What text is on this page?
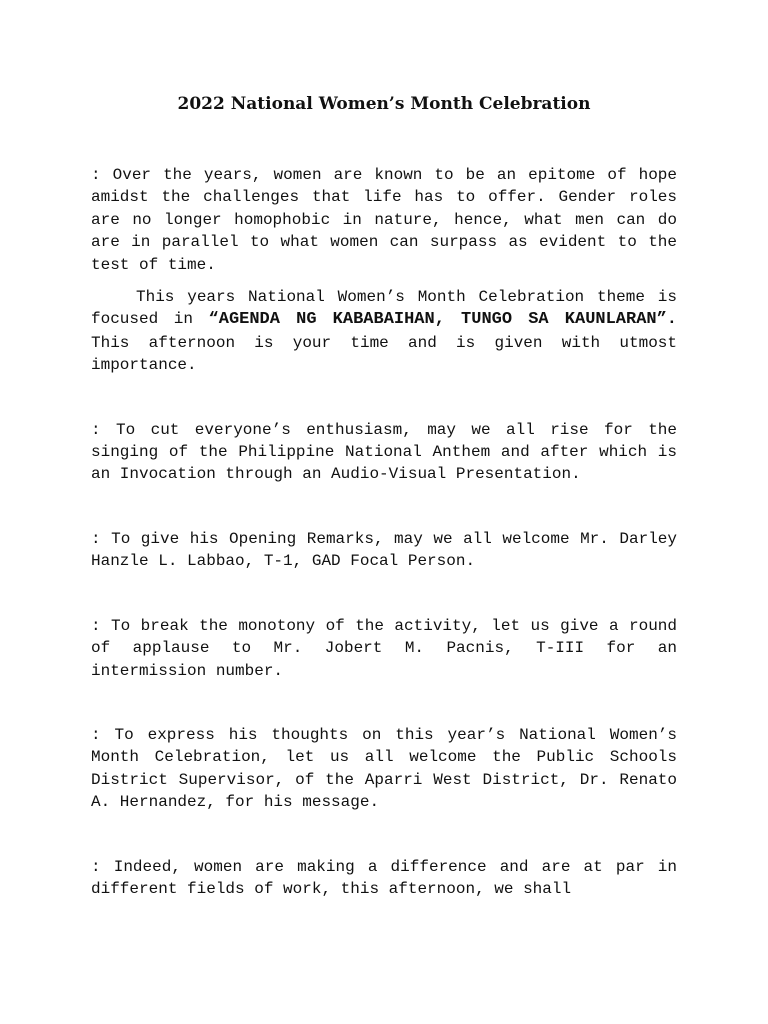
2022 National Women’s Month Celebration

: Over the years, women are known to be an epitome of hope amidst the challenges that life has to offer. Gender roles are no longer homophobic in nature, hence, what men can do are in parallel to what women can surpass as evident to the test of time.

This years National Women’s Month Celebration theme is focused in “AGENDA NG KABABAIHAN, TUNGO SA KAUNLARAN”. This afternoon is your time and is given with utmost importance.

: To cut everyone’s enthusiasm, may we all rise for the singing of the Philippine National Anthem and after which is an Invocation through an Audio-Visual Presentation.

: To give his Opening Remarks, may we all welcome Mr. Darley Hanzle L. Labbao, T-1, GAD Focal Person.

: To break the monotony of the activity, let us give a round of applause to Mr. Jobert M. Pacnis, T-III for an intermission number.

: To express his thoughts on this year’s National Women’s Month Celebration, let us all welcome the Public Schools District Supervisor, of the Aparri West District, Dr. Renato A. Hernandez, for his message.

: Indeed, women are making a difference and are at par in different fields of work, this afternoon, we shall
